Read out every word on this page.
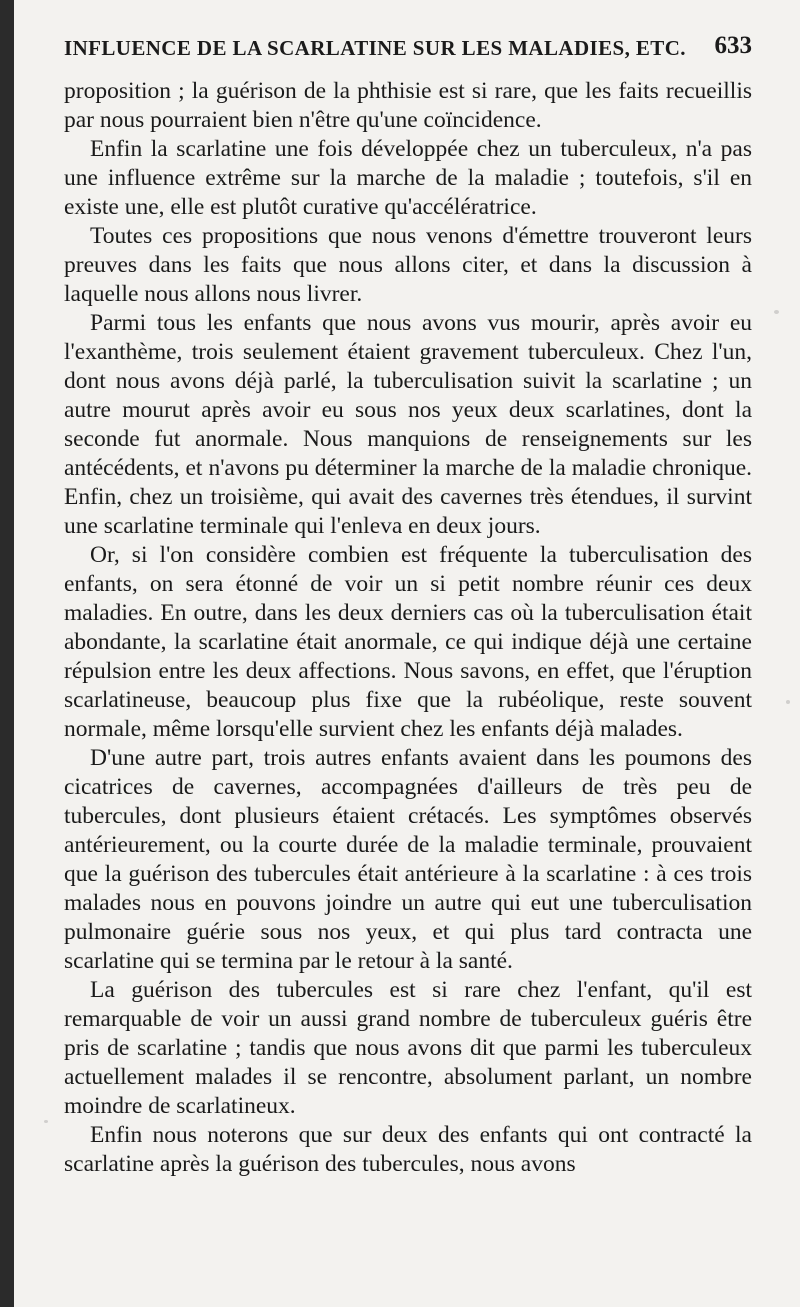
INFLUENCE DE LA SCARLATINE SUR LES MALADIES, ETC. 633

proposition ; la guérison de la phthisie est si rare, que les faits recueillis par nous pourraient bien n'être qu'une coïncidence.

Enfin la scarlatine une fois développée chez un tuberculeux, n'a pas une influence extrême sur la marche de la maladie ; toutefois, s'il en existe une, elle est plutôt curative qu'accélératrice.

Toutes ces propositions que nous venons d'émettre trouveront leurs preuves dans les faits que nous allons citer, et dans la discussion à laquelle nous allons nous livrer.

Parmi tous les enfants que nous avons vus mourir, après avoir eu l'exanthème, trois seulement étaient gravement tuberculeux. Chez l'un, dont nous avons déjà parlé, la tuberculisation suivit la scarlatine ; un autre mourut après avoir eu sous nos yeux deux scarlatines, dont la seconde fut anormale. Nous manquions de renseignements sur les antécédents, et n'avons pu déterminer la marche de la maladie chronique. Enfin, chez un troisième, qui avait des cavernes très étendues, il survint une scarlatine terminale qui l'enleva en deux jours.

Or, si l'on considère combien est fréquente la tuberculisation des enfants, on sera étonné de voir un si petit nombre réunir ces deux maladies. En outre, dans les deux derniers cas où la tuberculisation était abondante, la scarlatine était anormale, ce qui indique déjà une certaine répulsion entre les deux affections. Nous savons, en effet, que l'éruption scarlatineuse, beaucoup plus fixe que la rubéolique, reste souvent normale, même lorsqu'elle survient chez les enfants déjà malades.

D'une autre part, trois autres enfants avaient dans les poumons des cicatrices de cavernes, accompagnées d'ailleurs de très peu de tubercules, dont plusieurs étaient crétacés. Les symptômes observés antérieurement, ou la courte durée de la maladie terminale, prouvaient que la guérison des tubercules était antérieure à la scarlatine : à ces trois malades nous en pouvons joindre un autre qui eut une tuberculisation pulmonaire guérie sous nos yeux, et qui plus tard contracta une scarlatine qui se termina par le retour à la santé.

La guérison des tubercules est si rare chez l'enfant, qu'il est remarquable de voir un aussi grand nombre de tuberculeux guéris être pris de scarlatine ; tandis que nous avons dit que parmi les tuberculeux actuellement malades il se rencontre, absolument parlant, un nombre moindre de scarlatineux.

Enfin nous noterons que sur deux des enfants qui ont contracté la scarlatine après la guérison des tubercules, nous avons
